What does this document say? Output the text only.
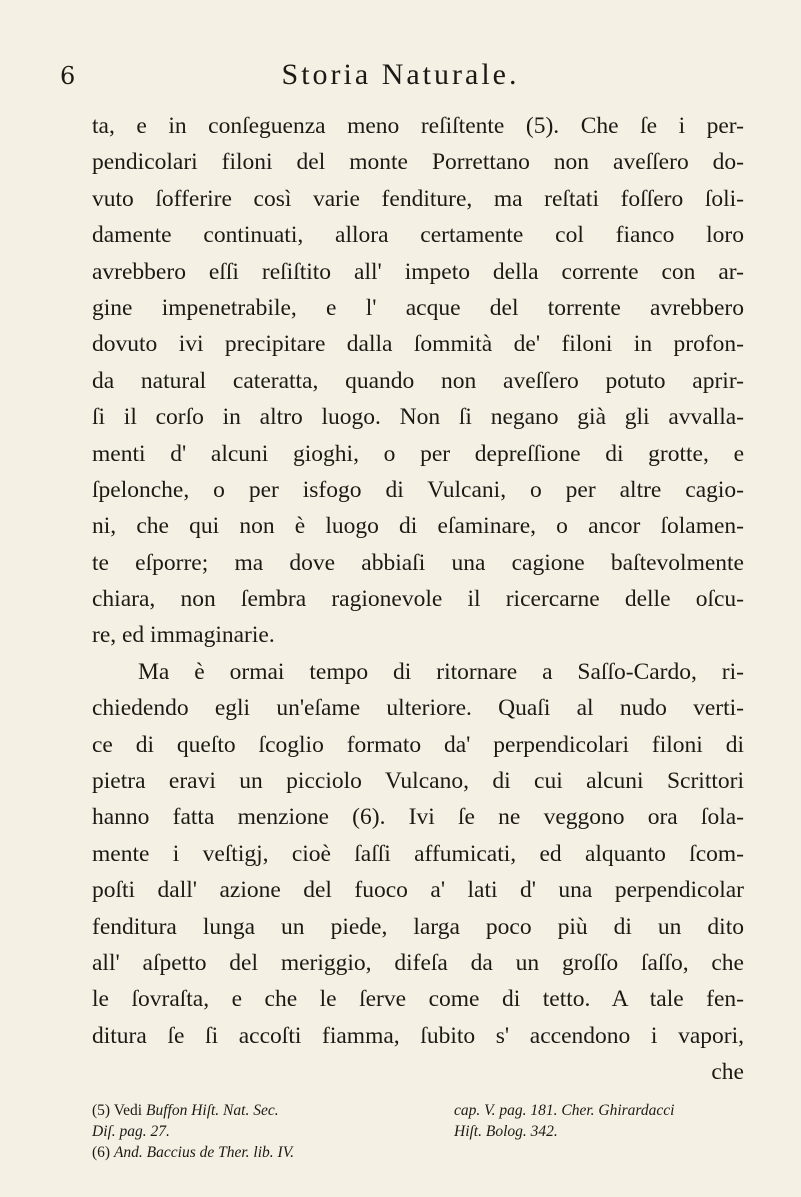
6	Storia Naturale.
ta, e in conſeguenza meno reſiſtente (5). Che ſe i per-
pendicolari filoni del monte Porrettano non aveſſero do-
vuto ſofferire così varie fenditure, ma reſtati foſſero ſoli-
damente continuati, allora certamente col fianco loro
avrebbero eſſi reſiſtito all' impeto della corrente con ar-
gine impenetrabile, e l' acque del torrente avrebbero
dovuto ivi precipitare dalla ſommità de' filoni in profon-
da natural cateratta, quando non aveſſero potuto aprir-
ſi il corſo in altro luogo. Non ſi negano già gli avvalla-
menti d' alcuni gioghi, o per depreſſione di grotte, e
ſpelonche, o per isfogo di Vulcani, o per altre cagio-
ni, che qui non è luogo di eſaminare, o ancor ſolamen-
te eſporre; ma dove abbiaſi una cagione baſtevolmente
chiara, non ſembra ragionevole il ricercarne delle oſcu-
re, ed immaginarie.
Ma è ormai tempo di ritornare a Saſſo-Cardo, ri-
chiedendo egli un'eſame ulteriore. Quaſi al nudo verti-
ce di queſto ſcoglio formato da' perpendicolari filoni di
pietra eravi un picciolo Vulcano, di cui alcuni Scrittori
hanno fatta menzione (6). Ivi ſe ne veggono ora ſola-
mente i veſtigj, cioè ſaſſi affumicati, ed alquanto ſcom-
poſti dall' azione del fuoco a' lati d' una perpendicolar
fenditura lunga un piede, larga poco più di un dito
all' aſpetto del meriggio, difeſa da un groſſo ſaſſo, che
le ſovraſta, e che le ſerve come di tetto. A tale fen-
ditura ſe ſi accoſti fiamma, ſubito s' accendono i vapori,
che
(5) Vedi Buffon Hiſt. Nat. Sec.	cap. V. pag. 181. Cher. Ghirardacci
Diſ. pag. 27.	Hiſt. Bolog. 342.
(6) And. Baccius de Ther. lib. IV.
